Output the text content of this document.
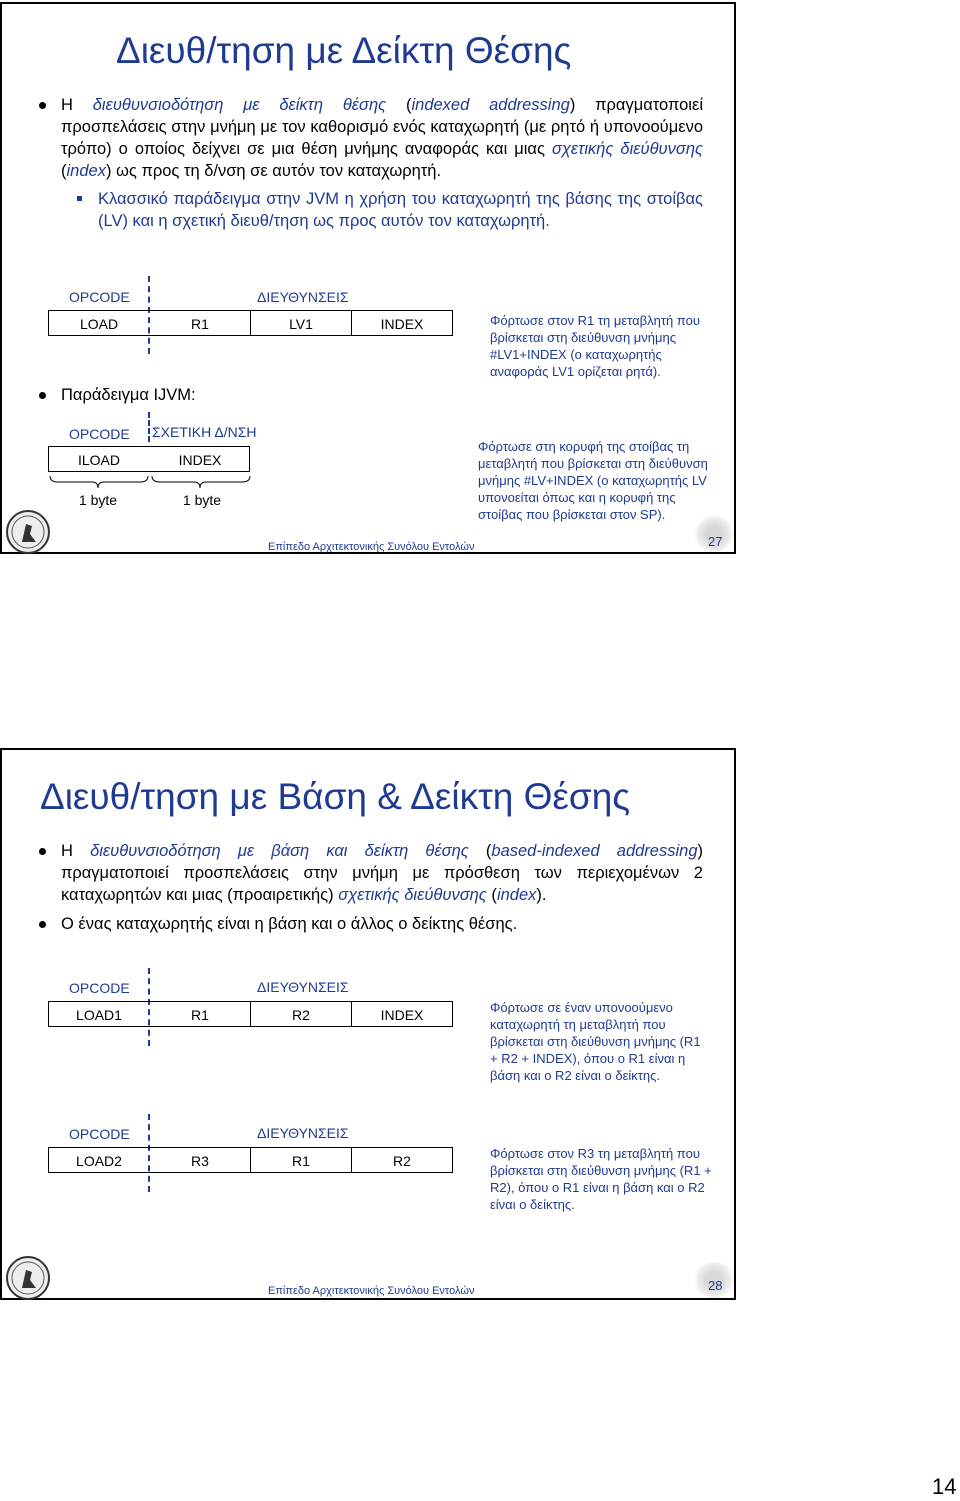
Διευθ/τηση με Δείκτη Θέσης
Η διευθυνσιοδότηση με δείκτη θέσης (indexed addressing) πραγματοποιεί προσπελάσεις στην μνήμη με τον καθορισμό ενός καταχωρητή (με ρητό ή υπονοούμενο τρόπο) ο οποίος δείχνει σε μια θέση μνήμης αναφοράς και μιας σχετικής διεύθυνσης (index) ως προς τη δ/νση σε αυτόν τον καταχωρητή.
Κλασσικό παράδειγμα στην JVM η χρήση του καταχωρητή της βάσης της στοίβας (LV) και η σχετική διευθ/τηση ως προς αυτόν τον καταχωρητή.
OPCODE	ΔΙΕΥΘΥΝΣΕΙΣ
LOAD	R1	LV1	INDEX	Φόρτωσε στον R1 τη μεταβλητή που βρίσκεται στη διεύθυνση μνήμης #LV1+INDEX (ο καταχωρητής αναφοράς LV1 ορίζεται ρητά).
Παράδειγμα IJVM:
OPCODE ΣΧΕΤΙΚΗ Δ/ΝΣΗ
ILOAD	INDEX
1 byte	1 byte
Φόρτωσε στη κορυφή της στοίβας τη μεταβλητή που βρίσκεται στη διεύθυνση μνήμης #LV+INDEX (ο καταχωρητής LV υπονοείται όπως και η κορυφή της στοίβας που βρίσκεται στον SP).
Επίπεδο Αρχιτεκτονικής Συνόλου Εντολών	27
Διευθ/τηση με Βάση & Δείκτη Θέσης
Η διευθυνσιοδότηση με βάση και δείκτη θέσης (based-indexed addressing) πραγματοποιεί προσπελάσεις στην μνήμη με πρόσθεση των περιεχομένων 2 καταχωρητών και μιας (προαιρετικής) σχετικής διεύθυνσης (index).
Ο ένας καταχωρητής είναι η βάση και ο άλλος ο δείκτης θέσης.
OPCODE	ΔΙΕΥΘΥΝΣΕΙΣ
LOAD1	R1	R2	INDEX	Φόρτωσε σε έναν υπονοούμενο καταχωρητή τη μεταβλητή που βρίσκεται στη διεύθυνση μνήμης (R1 + R2 + INDEX), όπου ο R1 είναι η βάση και ο R2 είναι ο δείκτης.
OPCODE	ΔΙΕΥΘΥΝΣΕΙΣ
LOAD2	R3	R1	R2	Φόρτωσε στον R3 τη μεταβλητή που βρίσκεται στη διεύθυνση μνήμης (R1 + R2), όπου ο R1 είναι η βάση και ο R2 είναι ο δείκτης.
Επίπεδο Αρχιτεκτονικής Συνόλου Εντολών	28
14
